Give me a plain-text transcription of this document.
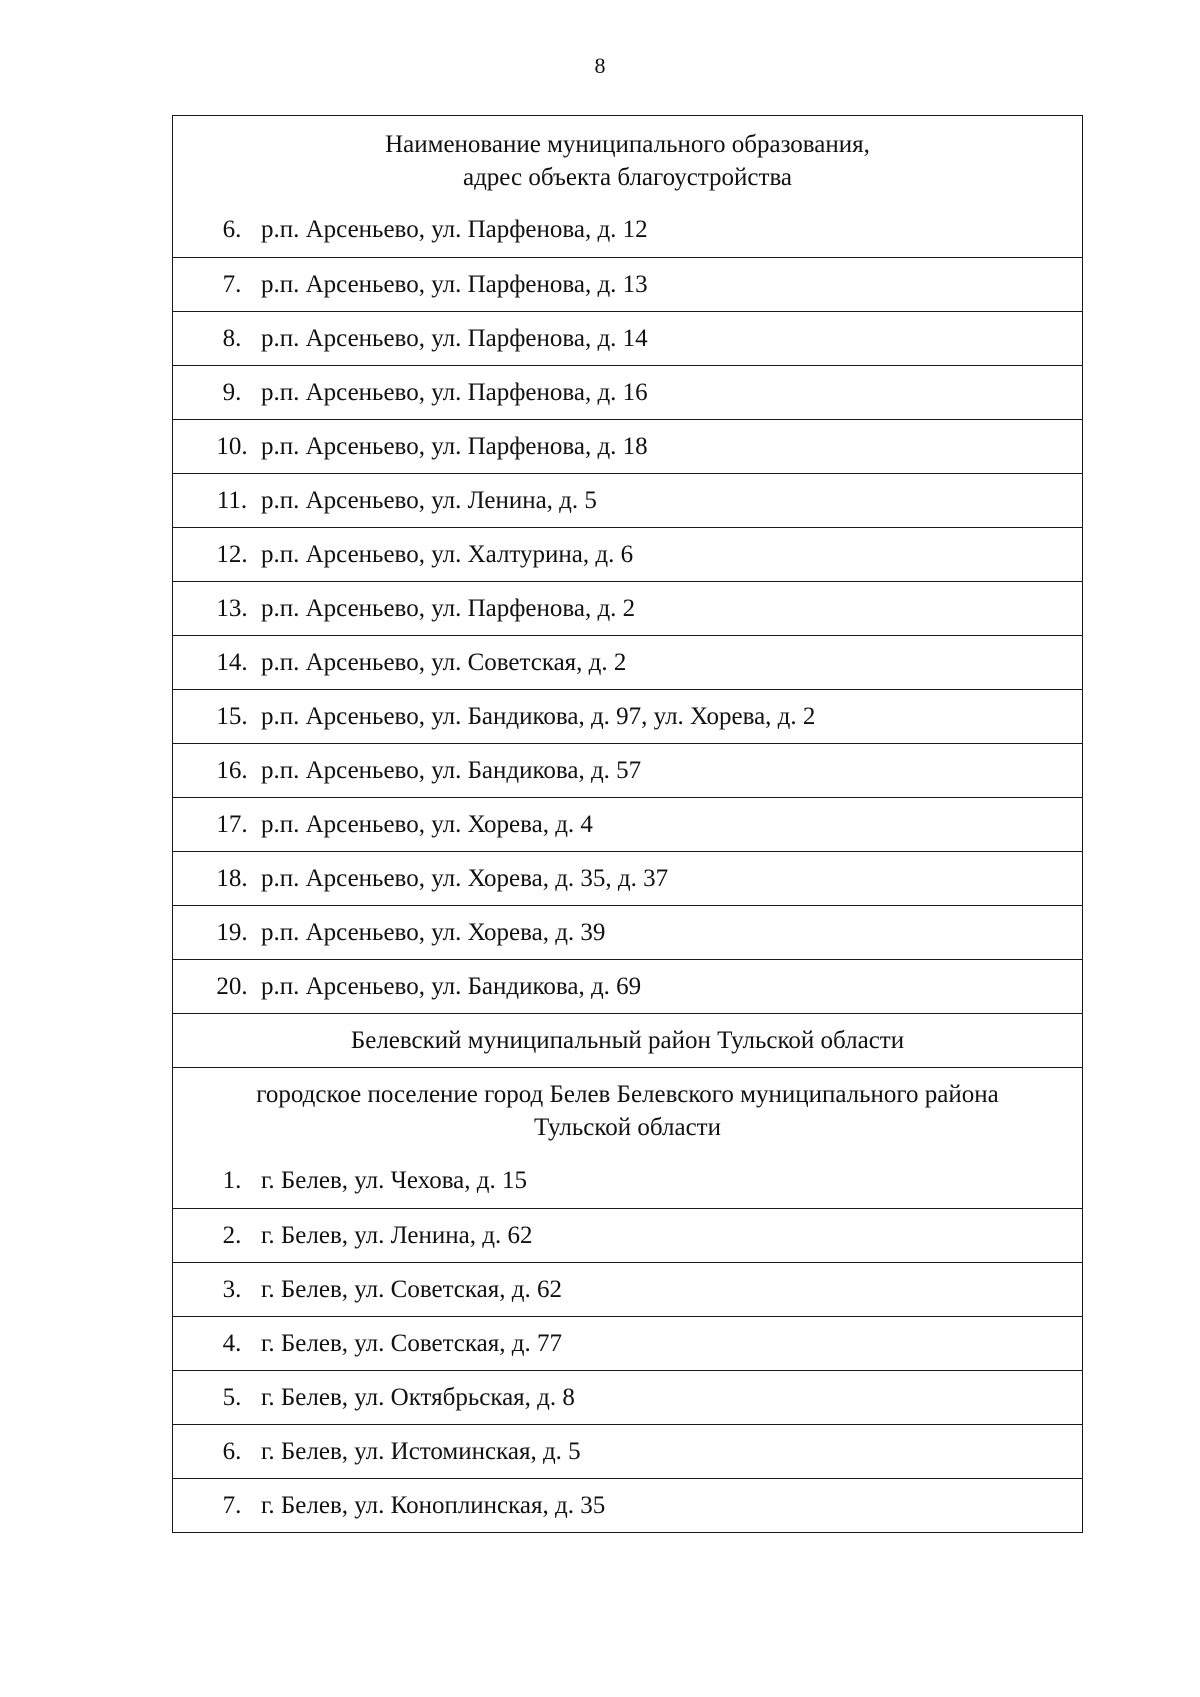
8
Наименование муниципального образования,
адрес объекта благоустройства
6. р.п. Арсеньево, ул. Парфенова, д. 12
7. р.п. Арсеньево, ул. Парфенова, д. 13
8. р.п. Арсеньево, ул. Парфенова, д. 14
9. р.п. Арсеньево, ул. Парфенова, д. 16
10. р.п. Арсеньево, ул. Парфенова, д. 18
11. р.п. Арсеньево, ул. Ленина, д. 5
12. р.п. Арсеньево, ул. Халтурина, д. 6
13. р.п. Арсеньево, ул. Парфенова, д. 2
14. р.п. Арсеньево, ул. Советская, д. 2
15. р.п. Арсеньево, ул. Бандикова, д. 97, ул. Хорева, д. 2
16. р.п. Арсеньево, ул. Бандикова, д. 57
17. р.п. Арсеньево, ул. Хорева, д. 4
18. р.п. Арсеньево, ул. Хорева, д. 35, д. 37
19. р.п. Арсеньево, ул. Хорева, д. 39
20. р.п. Арсеньево, ул. Бандикова, д. 69
Белевский муниципальный район Тульской области
городское поселение город Белев Белевского муниципального района
Тульской области
1. г. Белев, ул. Чехова, д. 15
2. г. Белев, ул. Ленина, д. 62
3. г. Белев, ул. Советская, д. 62
4. г. Белев, ул. Советская, д. 77
5. г. Белев, ул. Октябрьская, д. 8
6. г. Белев, ул. Истоминская, д. 5
7. г. Белев, ул. Коноплинская, д. 35
